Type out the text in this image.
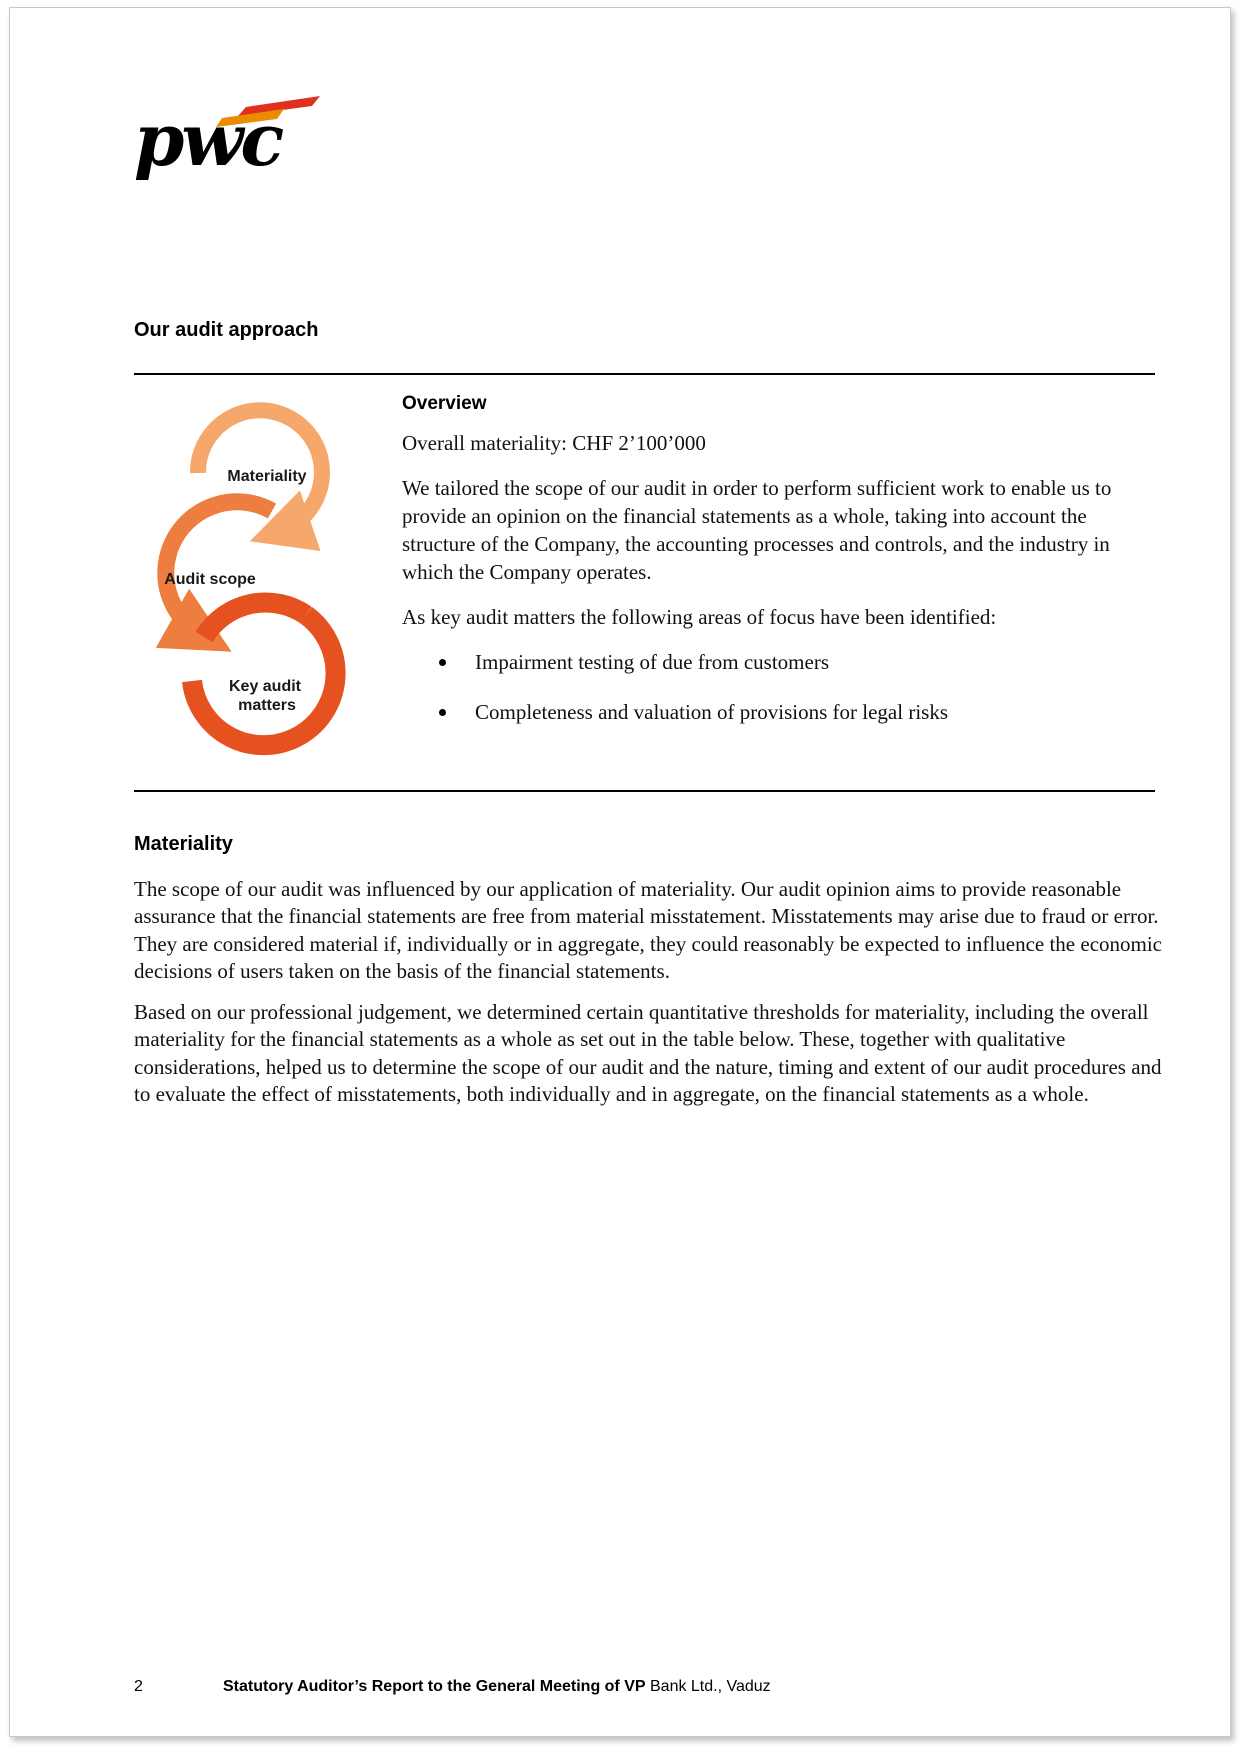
pwc
Our audit approach
Materiality
Audit scope
Key audit
matters
Overview

Overall materiality: CHF 2’100’000

We tailored the scope of our audit in order to perform sufficient work to enable us to provide an opinion on the financial statements as a whole, taking into account the structure of the Company, the accounting processes and controls, and the industry in which the Company operates.

As key audit matters the following areas of focus have been identified:

Impairment testing of due from customers
Completeness and valuation of provisions for legal risks
Materiality

The scope of our audit was influenced by our application of materiality. Our audit opinion aims to provide reasonable assurance that the financial statements are free from material misstatement. Misstatements may arise due to fraud or error. They are considered material if, individually or in aggregate, they could reasonably be expected to influence the economic decisions of users taken on the basis of the financial statements.

Based on our professional judgement, we determined certain quantitative thresholds for materiality, including the overall materiality for the financial statements as a whole as set out in the table below. These, together with qualitative considerations, helped us to determine the scope of our audit and the nature, timing and extent of our audit procedures and to evaluate the effect of misstatements, both individually and in aggregate, on the financial statements as a whole.

2	Statutory Auditor’s Report to the General Meeting of VP Bank Ltd., Vaduz
